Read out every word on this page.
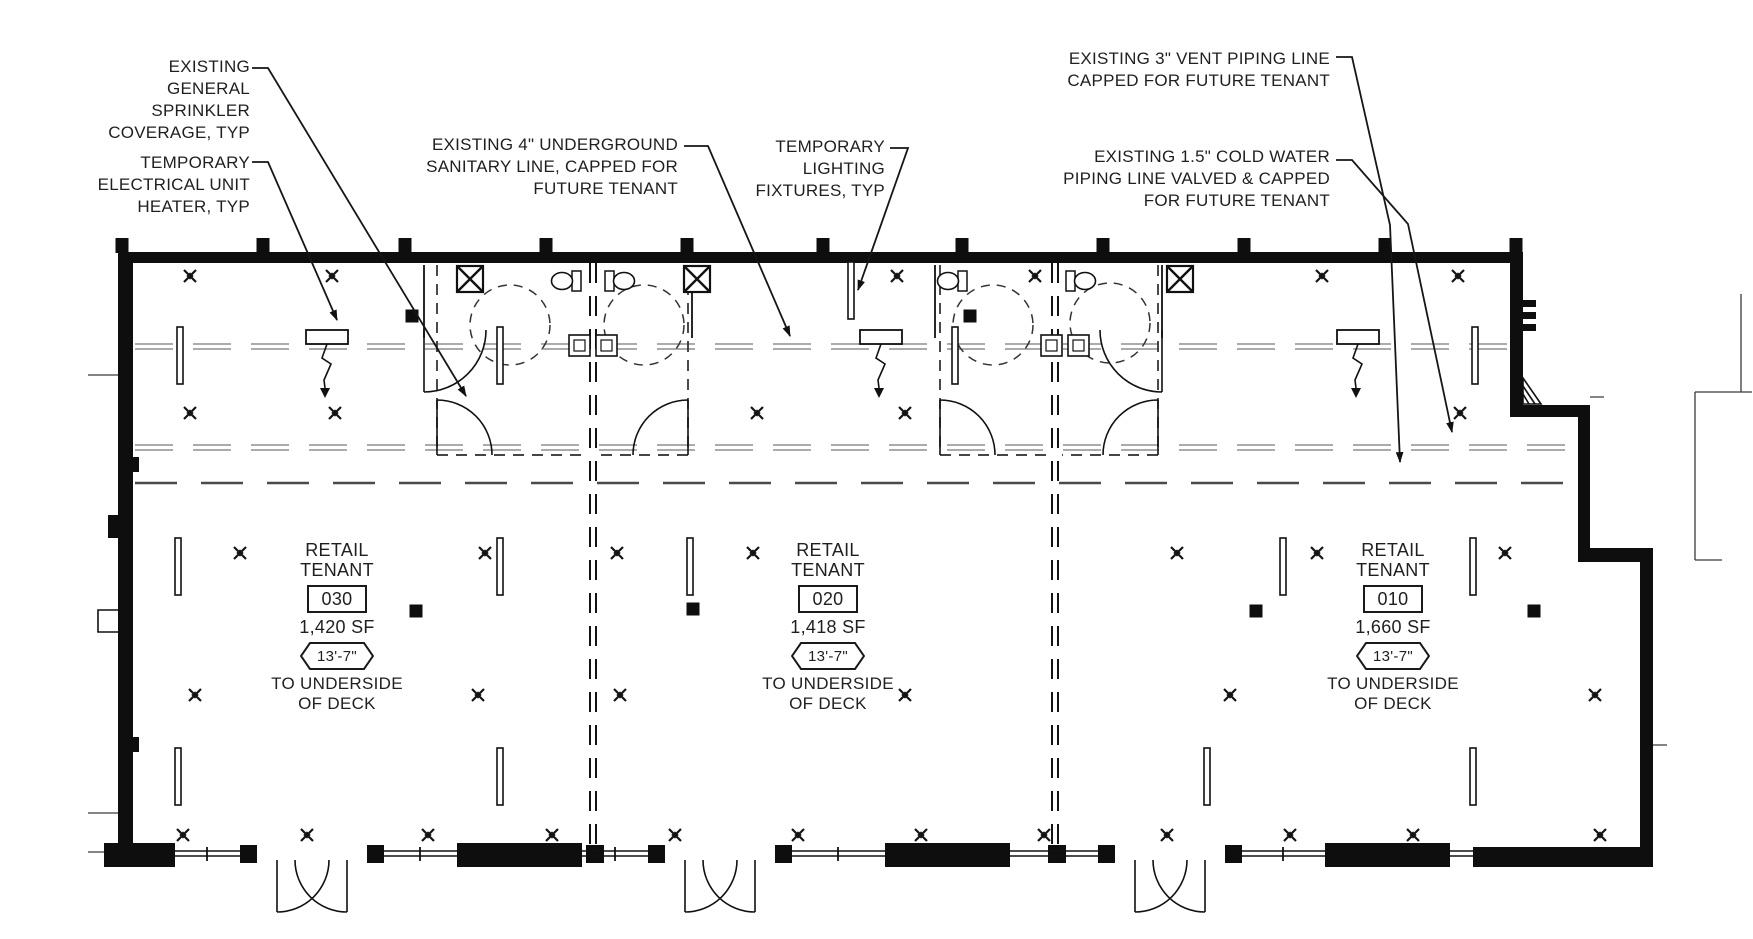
EXISTING
GENERAL
SPRINKLER
COVERAGE, TYP
TEMPORARY
ELECTRICAL UNIT
HEATER, TYP
EXISTING 4" UNDERGROUND
SANITARY LINE, CAPPED FOR
FUTURE TENANT
TEMPORARY
LIGHTING
FIXTURES, TYP
EXISTING 3" VENT PIPING LINE
CAPPED FOR FUTURE TENANT
EXISTING 1.5" COLD WATER
PIPING LINE VALVED & CAPPED
FOR FUTURE TENANT
RETAIL
TENANT
030
1,420 SF
13'-7"
TO UNDERSIDE
OF DECK
RETAIL
TENANT
020
1,418 SF
13'-7"
TO UNDERSIDE
OF DECK
RETAIL
TENANT
010
1,660 SF
13'-7"
TO UNDERSIDE
OF DECK
